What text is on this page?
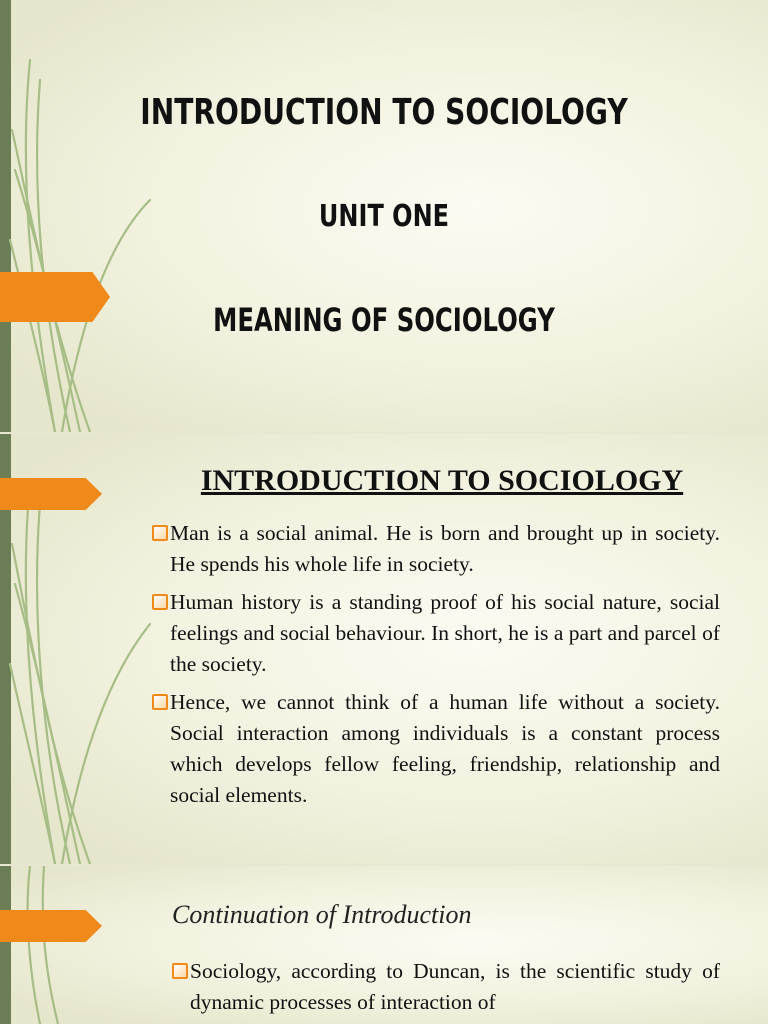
INTRODUCTION TO SOCIOLOGY
UNIT ONE
MEANING OF SOCIOLOGY
INTRODUCTION TO SOCIOLOGY
Man is a social animal. He is born and brought up in society. He spends his whole life in society.
Human history is a standing proof of his social nature, social feelings and social behaviour. In short, he is a part and parcel of the society.
Hence, we cannot think of a human life without a society. Social interaction among individuals is a constant process which develops fellow feeling, friendship, relationship and social elements.
Continuation of Introduction
Sociology, according to Duncan, is the scientific study of dynamic processes of interaction of
